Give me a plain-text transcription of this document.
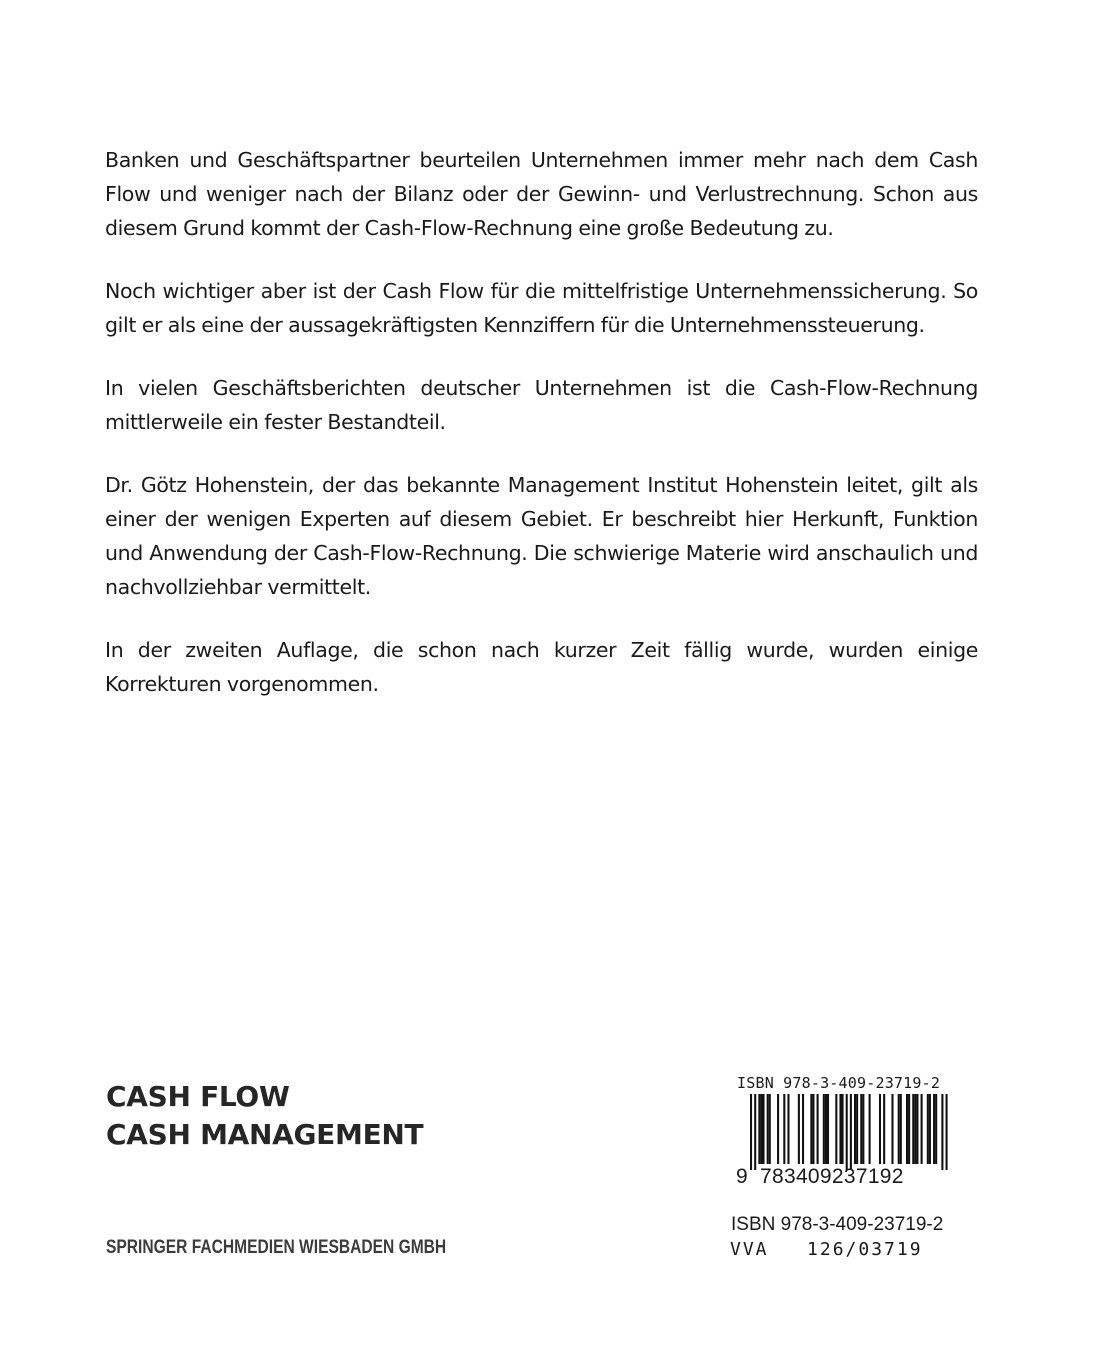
Banken und Geschäftspartner beurteilen Unternehmen immer mehr nach dem Cash Flow und weniger nach der Bilanz oder der Gewinn- und Verlustrechnung. Schon aus diesem Grund kommt der Cash-Flow-Rechnung eine große Bedeutung zu.

Noch wichtiger aber ist der Cash Flow für die mittelfristige Unternehmenssicherung. So gilt er als eine der aussagekräftigsten Kennziffern für die Unternehmenssteuerung.

In vielen Geschäftsberichten deutscher Unternehmen ist die Cash-Flow-Rechnung mittlerweile ein fester Bestandteil.

Dr. Götz Hohenstein, der das bekannte Management Institut Hohenstein leitet, gilt als einer der wenigen Experten auf diesem Gebiet. Er beschreibt hier Herkunft, Funktion und Anwendung der Cash-Flow-Rechnung. Die schwierige Materie wird anschaulich und nachvollziehbar vermittelt.

In der zweiten Auflage, die schon nach kurzer Zeit fällig wurde, wurden einige Korrekturen vorgenommen.

CASH FLOW
CASH MANAGEMENT
SPRINGER FACHMEDIEN WIESBADEN GMBH
ISBN 978-3-409-23719-2
9 783409237192
ISBN 978-3-409-23719-2
VVA   126/03719
